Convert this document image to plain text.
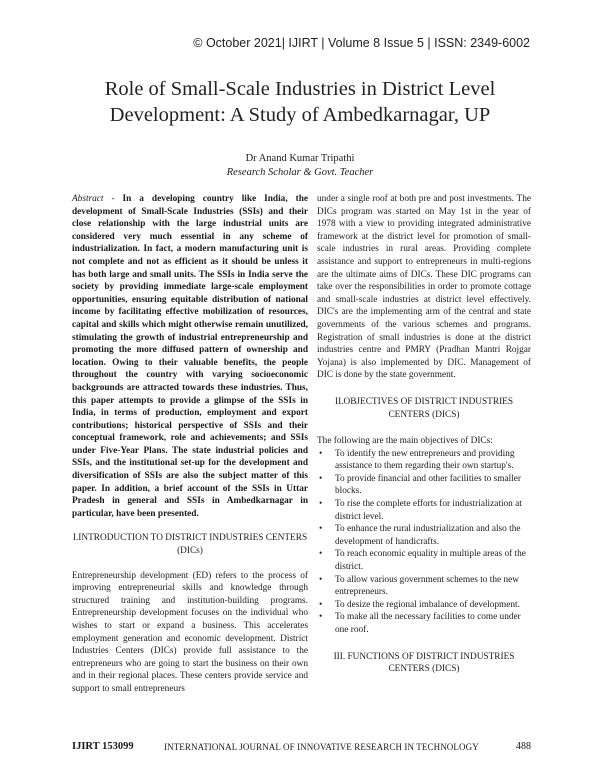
© October 2021| IJIRT | Volume 8 Issue 5 | ISSN: 2349-6002
Role of Small-Scale Industries in District Level
Development: A Study of Ambedkarnagar, UP
Dr Anand Kumar Tripathi
Research Scholar & Govt. Teacher

Abstract - In a developing country like India, the development of Small-Scale Industries (SSIs) and their close relationship with the large industrial units are considered very much essential in any scheme of industrialization. In fact, a modern manufacturing unit is not complete and not as efficient as it should be unless it has both large and small units. The SSIs in India serve the society by providing immediate large-scale employment opportunities, ensuring equitable distribution of national income by facilitating effective mobilization of resources, capital and skills which might otherwise remain unutilized, stimulating the growth of industrial entrepreneurship and promoting the more diffused pattern of ownership and location. Owing to their valuable benefits, the people throughout the country with varying socioeconomic backgrounds are attracted towards these industries. Thus, this paper attempts to provide a glimpse of the SSIs in India, in terms of production, employment and export contributions; historical perspective of SSIs and their conceptual framework, role and achievements; and SSIs under Five-Year Plans. The state industrial policies and SSIs, and the institutional set-up for the development and diversification of SSIs are also the subject matter of this paper. In addition, a brief account of the SSIs in Uttar Pradesh in general and SSIs in Ambedkarnagar in particular, have been presented.

I.INTRODUCTION TO DISTRICT INDUSTRIES CENTERS (DICs)

Entrepreneurship development (ED) refers to the process of improving entrepreneurial skills and knowledge through structured training and institution-building programs. Entrepreneurship development focuses on the individual who wishes to start or expand a business. This accelerates employment generation and economic development. District Industries Centers (DICs) provide full assistance to the entrepreneurs who are going to start the business on their own and in their regional places. These centers provide service and support to small entrepreneurs

under a single roof at both pre and post investments. The DICs program was started on May 1st in the year of 1978 with a view to providing integrated administrative framework at the district level for promotion of small-scale industries in rural areas. Providing complete assistance and support to entrepreneurs in multi-regions are the ultimate aims of DICs. These DIC programs can take over the responsibilities in order to promote cottage and small-scale industries at district level effectively. DIC's are the implementing arm of the central and state governments of the various schemes and programs. Registration of small industries is done at the district industries centre and PMRY (Pradhan Mantri Rojgar Yojana) is also implemented by DIC. Management of DIC is done by the state government.

II.OBJECTIVES OF DISTRICT INDUSTRIES CENTERS (DICS)

The following are the main objectives of DICs:

• To identify the new entrepreneurs and providing assistance to them regarding their own startup's.
• To provide financial and other facilities to smaller blocks.
• To rise the complete efforts for industrialization at district level.
• To enhance the rural industrialization and also the development of handicrafts.
• To reach economic equality in multiple areas of the district.
• To allow various government schemes to the new entrepreneurs.
• To desize the regional imbalance of development.
• To make all the necessary facilities to come under one roof.
III. FUNCTIONS OF DISTRICT INDUSTRIES CENTERS (DICS)
IJIRT 153099	INTERNATIONAL JOURNAL OF INNOVATIVE RESEARCH IN TECHNOLOGY	488
